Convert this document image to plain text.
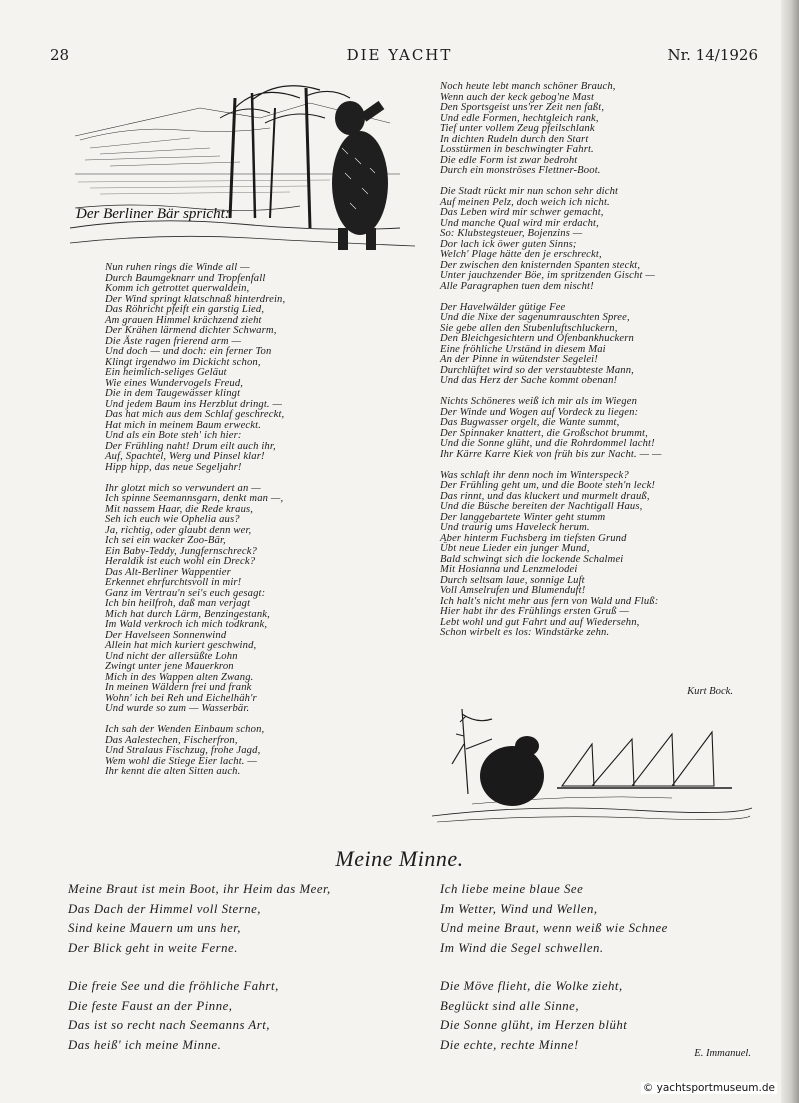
28	DIE YACHT	Nr. 14/1926
Der Berliner Bär spricht:
Nun ruhen rings die Winde all —
Durch Baumgeknarr und Tropfenfall
Komm ich getrottet querwaldein,
Der Wind springt klatschnaß hinterdrein,
Das Röhricht pfeift ein garstig Lied,
Am grauen Himmel krächzend zieht
Der Krähen lärmend dichter Schwarm,
Die Äste ragen frierend arm —
Und doch — und doch: ein ferner Ton
Klingt irgendwo im Dickicht schon,
Ein heimlich-seliges Geläut
Wie eines Wundervogels Freud,
Die in dem Taugewässer klingt
Und jedem Baum ins Herzblut dringt. —
Das hat mich aus dem Schlaf geschreckt,
Hat mich in meinem Baum erweckt.
Und als ein Bote steh' ich hier:
Der Frühling naht! Drum eilt auch ihr,
Auf, Spachtel, Werg und Pinsel klar!
Hipp hipp, das neue Segeljahr!
Ihr glotzt mich so verwundert an —
Ich spinne Seemannsgarn, denkt man —,
Mit nassem Haar, die Rede kraus,
Seh ich euch wie Ophelia aus?
Ja, richtig, oder glaubt denn wer,
Ich sei ein wacker Zoo-Bär,
Ein Baby-Teddy, Jungfernschreck?
Heraldik ist euch wohl ein Dreck?
Das Alt-Berliner Wappentier
Erkennet ehrfurchtsvoll in mir!
Ganz im Vertrau'n sei's euch gesagt:
Ich bin heilfroh, daß man verjagt
Mich hat durch Lärm, Benzingestank,
Im Wald verkroch ich mich todkrank,
Der Havelseen Sonnenwind
Allein hat mich kuriert geschwind,
Und nicht der allersüßte Lohn
Zwingt unter jene Mauerkron
Mich in des Wappen alten Zwang.
In meinen Wäldern frei und frank
Wohn' ich bei Reh und Eichelhäh'r
Und wurde so zum — Wasserbär.
Ich sah der Wenden Einbaum schon,
Das Aalestechen, Fischerfron,
Und Stralaus Fischzug, frohe Jagd,
Wem wohl die Stiege Eier lacht. —
Ihr kennt die alten Sitten auch.
Noch heute lebt manch schöner Brauch,
Wenn auch der keck gebog'ne Mast
Den Sportsgeist uns'rer Zeit nen faßt,
Und edle Formen, hechtgleich rank,
Tief unter vollem Zeug pfeilschlank
In dichten Rudeln durch den Start
Losstürmen in beschwingter Fahrt.
Die edle Form ist zwar bedroht
Durch ein monströses Flettner-Boot.
Die Stadt rückt mir nun schon sehr dicht
Auf meinen Pelz, doch weich ich nicht.
Das Leben wird mir schwer gemacht,
Und manche Qual wird mir erdacht,
So: Klubstegsteuer, Bojenzins —
Dor lach ick öwer guten Sinns;
Welch' Plage hätte den je erschreckt,
Der zwischen den knisternden Spanten steckt,
Unter jauchzender Böe, im spritzenden Gischt —
Alle Paragraphen tuen dem nischt!
Der Havelwälder gütige Fee
Und die Nixe der sagenumrauschten Spree,
Sie gebe allen den Stubenluftschluckern,
Den Bleichgesichtern und Ofenbankhuckern
Eine fröhliche Urständ in diesem Mai
An der Pinne in wütendster Segelei!
Durchlüftet wird so der verstaubteste Mann,
Und das Herz der Sache kommt obenan!
Nichts Schöneres weiß ich mir als im Wiegen
Der Winde und Wogen auf Vordeck zu liegen:
Das Bugwasser orgelt, die Wante summt,
Der Spinnaker knattert, die Großschot brummt,
Und die Sonne glüht, und die Rohrdommel lacht!
Ihr Kärre Karre Kiek von früh bis zur Nacht. — —
Was schlaft ihr denn noch im Winterspeck?
Der Frühling geht um, und die Boote steh'n leck!
Das rinnt, und das kluckert und murmelt drauß,
Und die Büsche bereiten der Nachtigall Haus,
Der langgebartete Winter geht stumm
Und traurig ums Haveleck herum.
Aber hinterm Fuchsberg im tiefsten Grund
Übt neue Lieder ein junger Mund,
Bald schwingt sich die lockende Schalmei
Mit Hosianna und Lenzmelodei
Durch seltsam laue, sonnige Luft
Voll Amselrufen und Blumenduft!
Ich halt's nicht mehr aus fern von Wald und Fluß:
Hier habt ihr des Frühlings ersten Gruß —
Lebt wohl und gut Fahrt und auf Wiedersehn,
Schon wirbelt es los: Windstärke zehn.
Kurt Bock.
Meine Minne.
Meine Braut ist mein Boot, ihr Heim das Meer,
Das Dach der Himmel voll Sterne,
Sind keine Mauern um uns her,
Der Blick geht in weite Ferne.
Die freie See und die fröhliche Fahrt,
Die feste Faust an der Pinne,
Das ist so recht nach Seemanns Art,
Das heiß' ich meine Minne.
Ich liebe meine blaue See
Im Wetter, Wind und Wellen,
Und meine Braut, wenn weiß wie Schnee
Im Wind die Segel schwellen.
Die Möve flieht, die Wolke zieht,
Beglückt sind alle Sinne,
Die Sonne glüht, im Herzen blüht
Die echte, rechte Minne!
E. Immanuel.
© yachtsportmuseum.de
